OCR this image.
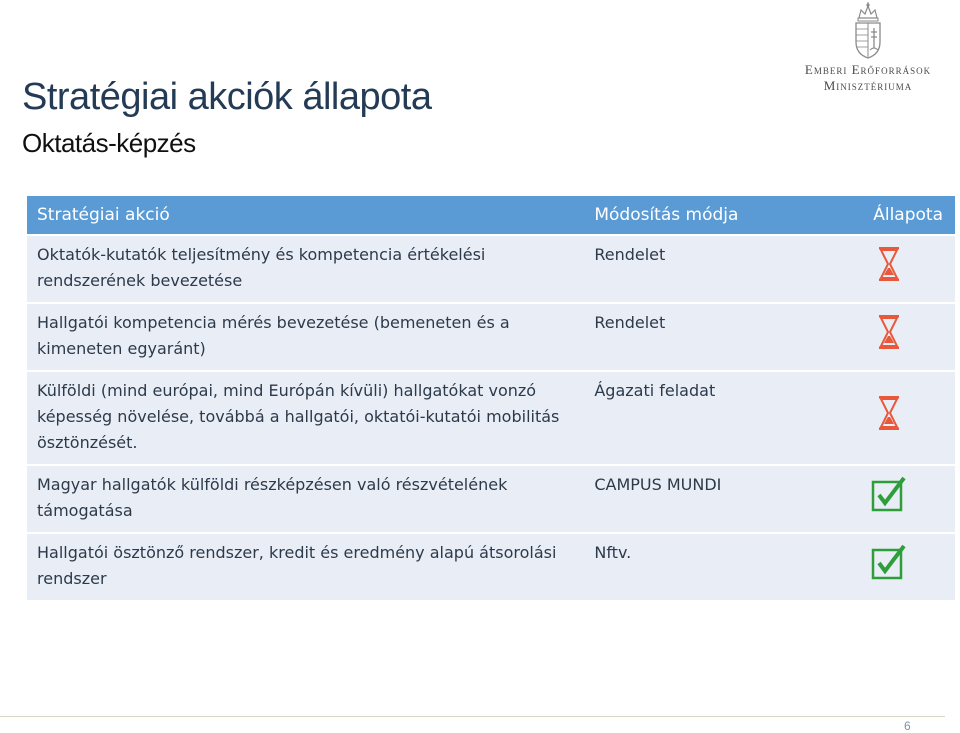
Stratégiai akciók állapota
Oktatás-képzés
Emberi Erőforrások
Minisztériuma
Stratégiai akció	Módosítás módja	Állapota
Oktatók-kutatók teljesítmény és kompetencia értékelési rendszerének bevezetése	Rendelet	
Hallgatói kompetencia mérés bevezetése (bemeneten és a kimeneten egyaránt)	Rendelet	
Külföldi (mind európai, mind Európán kívüli) hallgatókat vonzó képesség növelése, továbbá a hallgatói, oktatói-kutatói mobilitás ösztönzését.	Ágazati feladat	
Magyar hallgatók külföldi részképzésen való részvételének támogatása	CAMPUS MUNDI	
Hallgatói ösztönző rendszer, kredit és eredmény alapú átsorolási rendszer	Nftv.	
6
